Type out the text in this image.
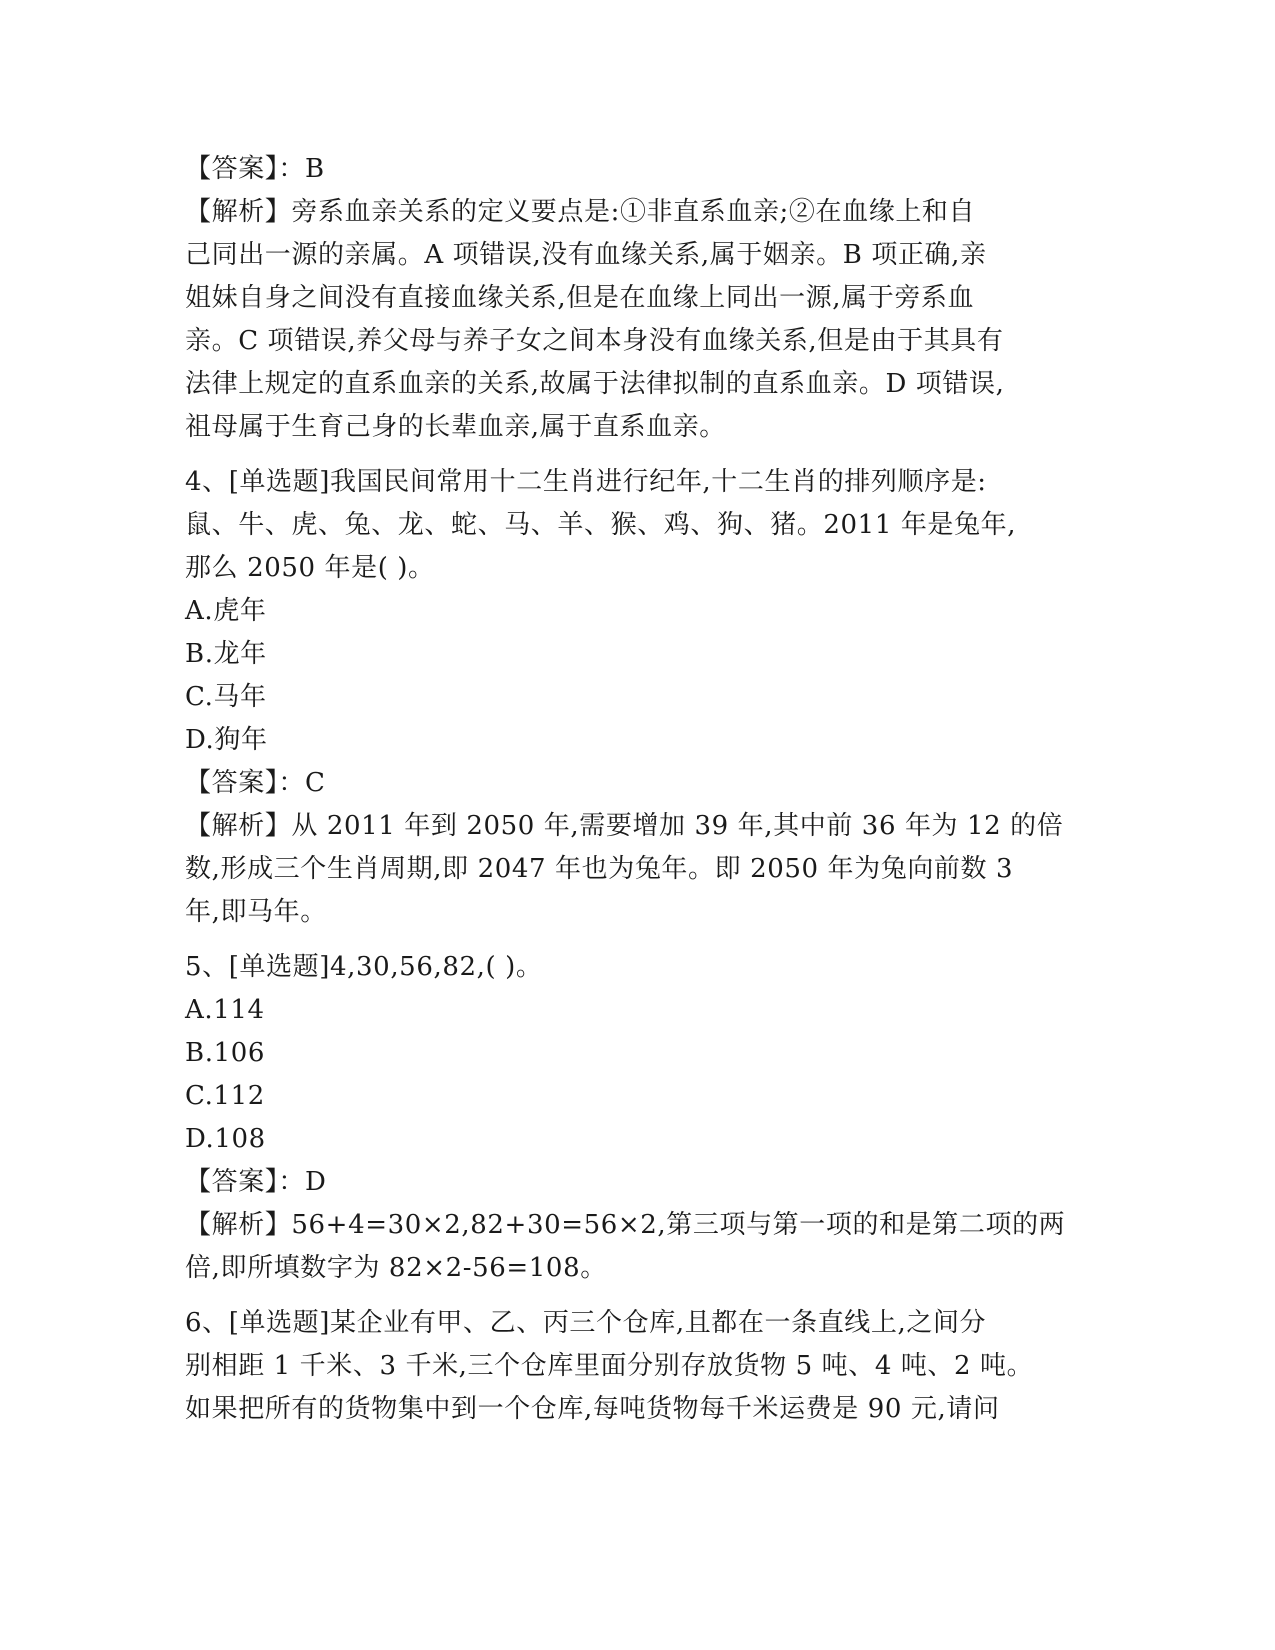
【答案】：B
【解析】旁系血亲关系的定义要点是:①非直系血亲;②在血缘上和自
己同出一源的亲属。A 项错误,没有血缘关系,属于姻亲。B 项正确,亲
姐妹自身之间没有直接血缘关系,但是在血缘上同出一源,属于旁系血
亲。C 项错误,养父母与养子女之间本身没有血缘关系,但是由于其具有
法律上规定的直系血亲的关系,故属于法律拟制的直系血亲。D 项错误,
祖母属于生育己身的长辈血亲,属于直系血亲。
4、[单选题]我国民间常用十二生肖进行纪年,十二生肖的排列顺序是:
鼠、牛、虎、兔、龙、蛇、马、羊、猴、鸡、狗、猪。2011 年是兔年,
那么 2050 年是( )。
A.虎年
B.龙年
C.马年
D.狗年
【答案】：C
【解析】从 2011 年到 2050 年,需要增加 39 年,其中前 36 年为 12 的倍
数,形成三个生肖周期,即 2047 年也为兔年。即 2050 年为兔向前数 3
年,即马年。
5、[单选题]4,30,56,82,( )。
A.114
B.106
C.112
D.108
【答案】：D
【解析】56+4=30×2,82+30=56×2,第三项与第一项的和是第二项的两
倍,即所填数字为 82×2-56=108。
6、[单选题]某企业有甲、乙、丙三个仓库,且都在一条直线上,之间分
别相距 1 千米、3 千米,三个仓库里面分别存放货物 5 吨、4 吨、2 吨。
如果把所有的货物集中到一个仓库,每吨货物每千米运费是 90 元,请问
